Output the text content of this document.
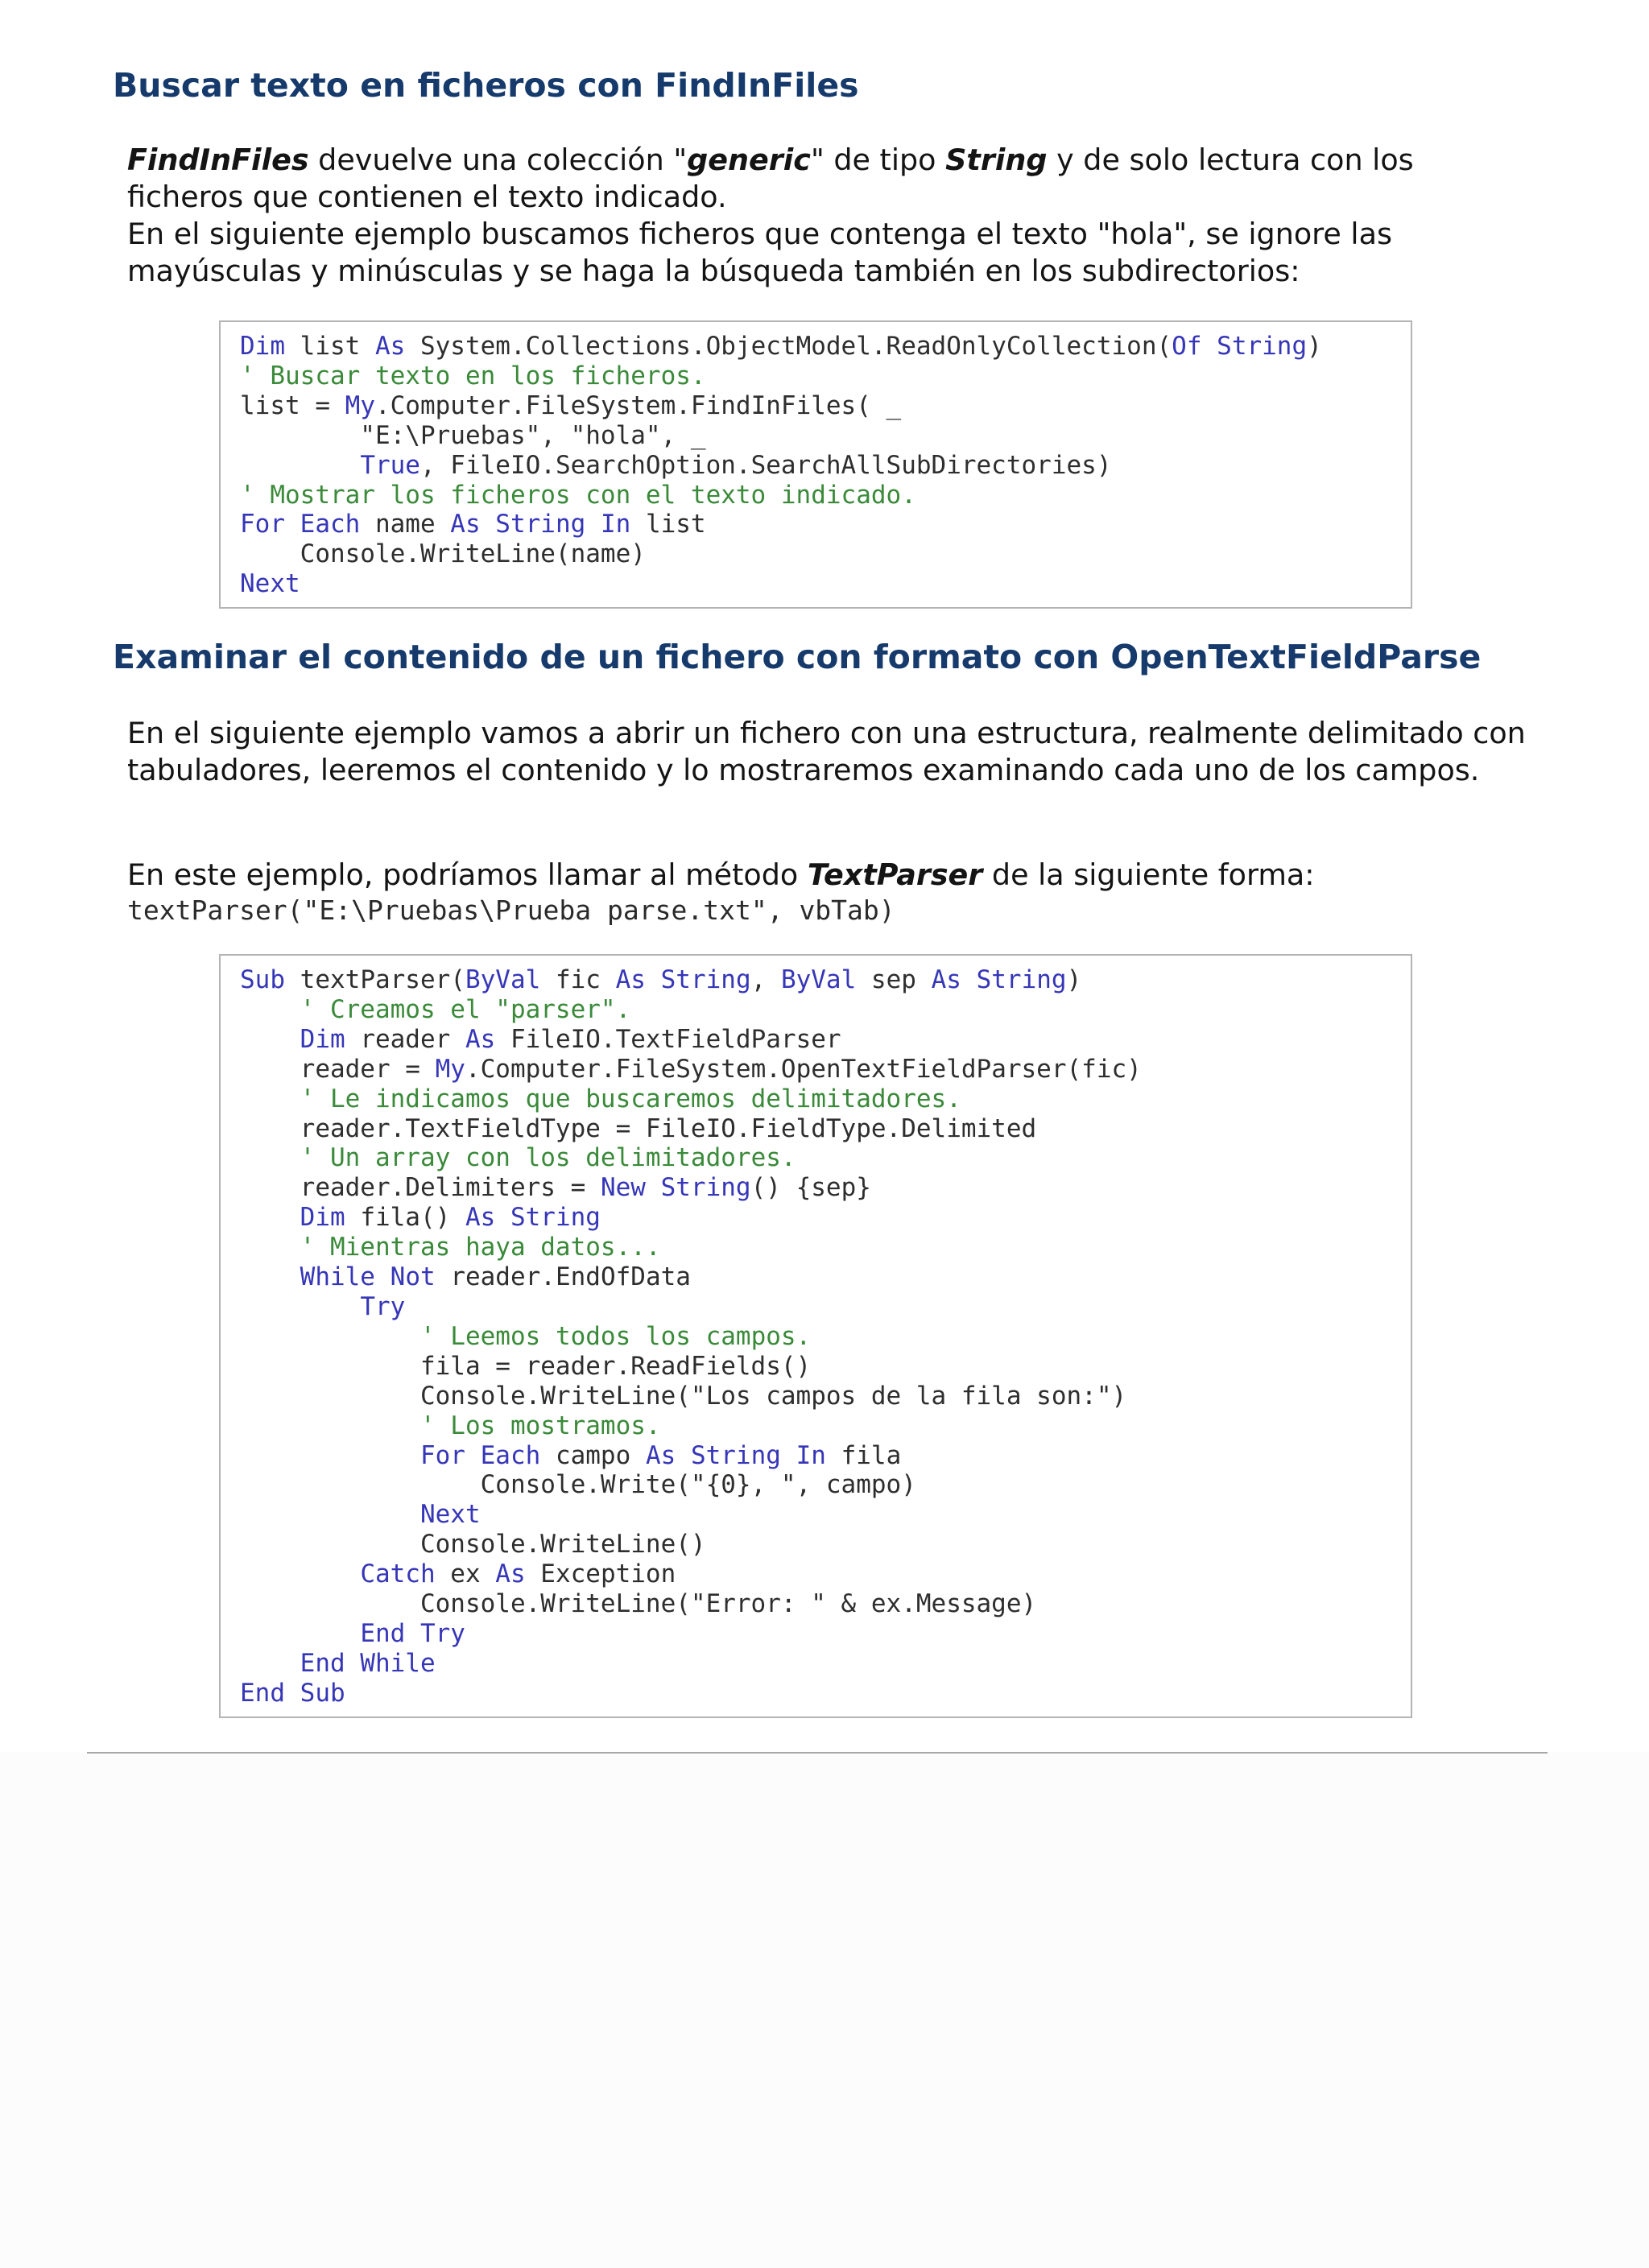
Buscar texto en ficheros con FindInFiles

FindInFiles devuelve una colección "generic" de tipo String y de solo lectura con los ficheros que contienen el texto indicado.
En el siguiente ejemplo buscamos ficheros que contenga el texto "hola", se ignore las mayúsculas y minúsculas y se haga la búsqueda también en los subdirectorios:

Dim list As System.Collections.ObjectModel.ReadOnlyCollection(Of String)
' Buscar texto en los ficheros.
list = My.Computer.FileSystem.FindInFiles( _
"E:\Pruebas", "hola", _
True, FileIO.SearchOption.SearchAllSubDirectories)
' Mostrar los ficheros con el texto indicado.
For Each name As String In list
Console.WriteLine(name)
Next
Examinar el contenido de un fichero con formato con OpenTextFieldParse

En el siguiente ejemplo vamos a abrir un fichero con una estructura, realmente delimitado con tabuladores, leeremos el contenido y lo mostraremos examinando cada uno de los campos.

En este ejemplo, podríamos llamar al método TextParser de la siguiente forma:

textParser("E:\Pruebas\Prueba parse.txt", vbTab)
Sub textParser(ByVal fic As String, ByVal sep As String)
' Creamos el "parser".
Dim reader As FileIO.TextFieldParser
reader = My.Computer.FileSystem.OpenTextFieldParser(fic)
' Le indicamos que buscaremos delimitadores.
reader.TextFieldType = FileIO.FieldType.Delimited
' Un array con los delimitadores.
reader.Delimiters = New String() {sep}
Dim fila() As String
' Mientras haya datos...
While Not reader.EndOfData
Try
' Leemos todos los campos.
fila = reader.ReadFields()
Console.WriteLine("Los campos de la fila son:")
' Los mostramos.
For Each campo As String In fila
Console.Write("{0}, ", campo)
Next
Console.WriteLine()
Catch ex As Exception
Console.WriteLine("Error: " & ex.Message)
End Try
End While
End Sub
